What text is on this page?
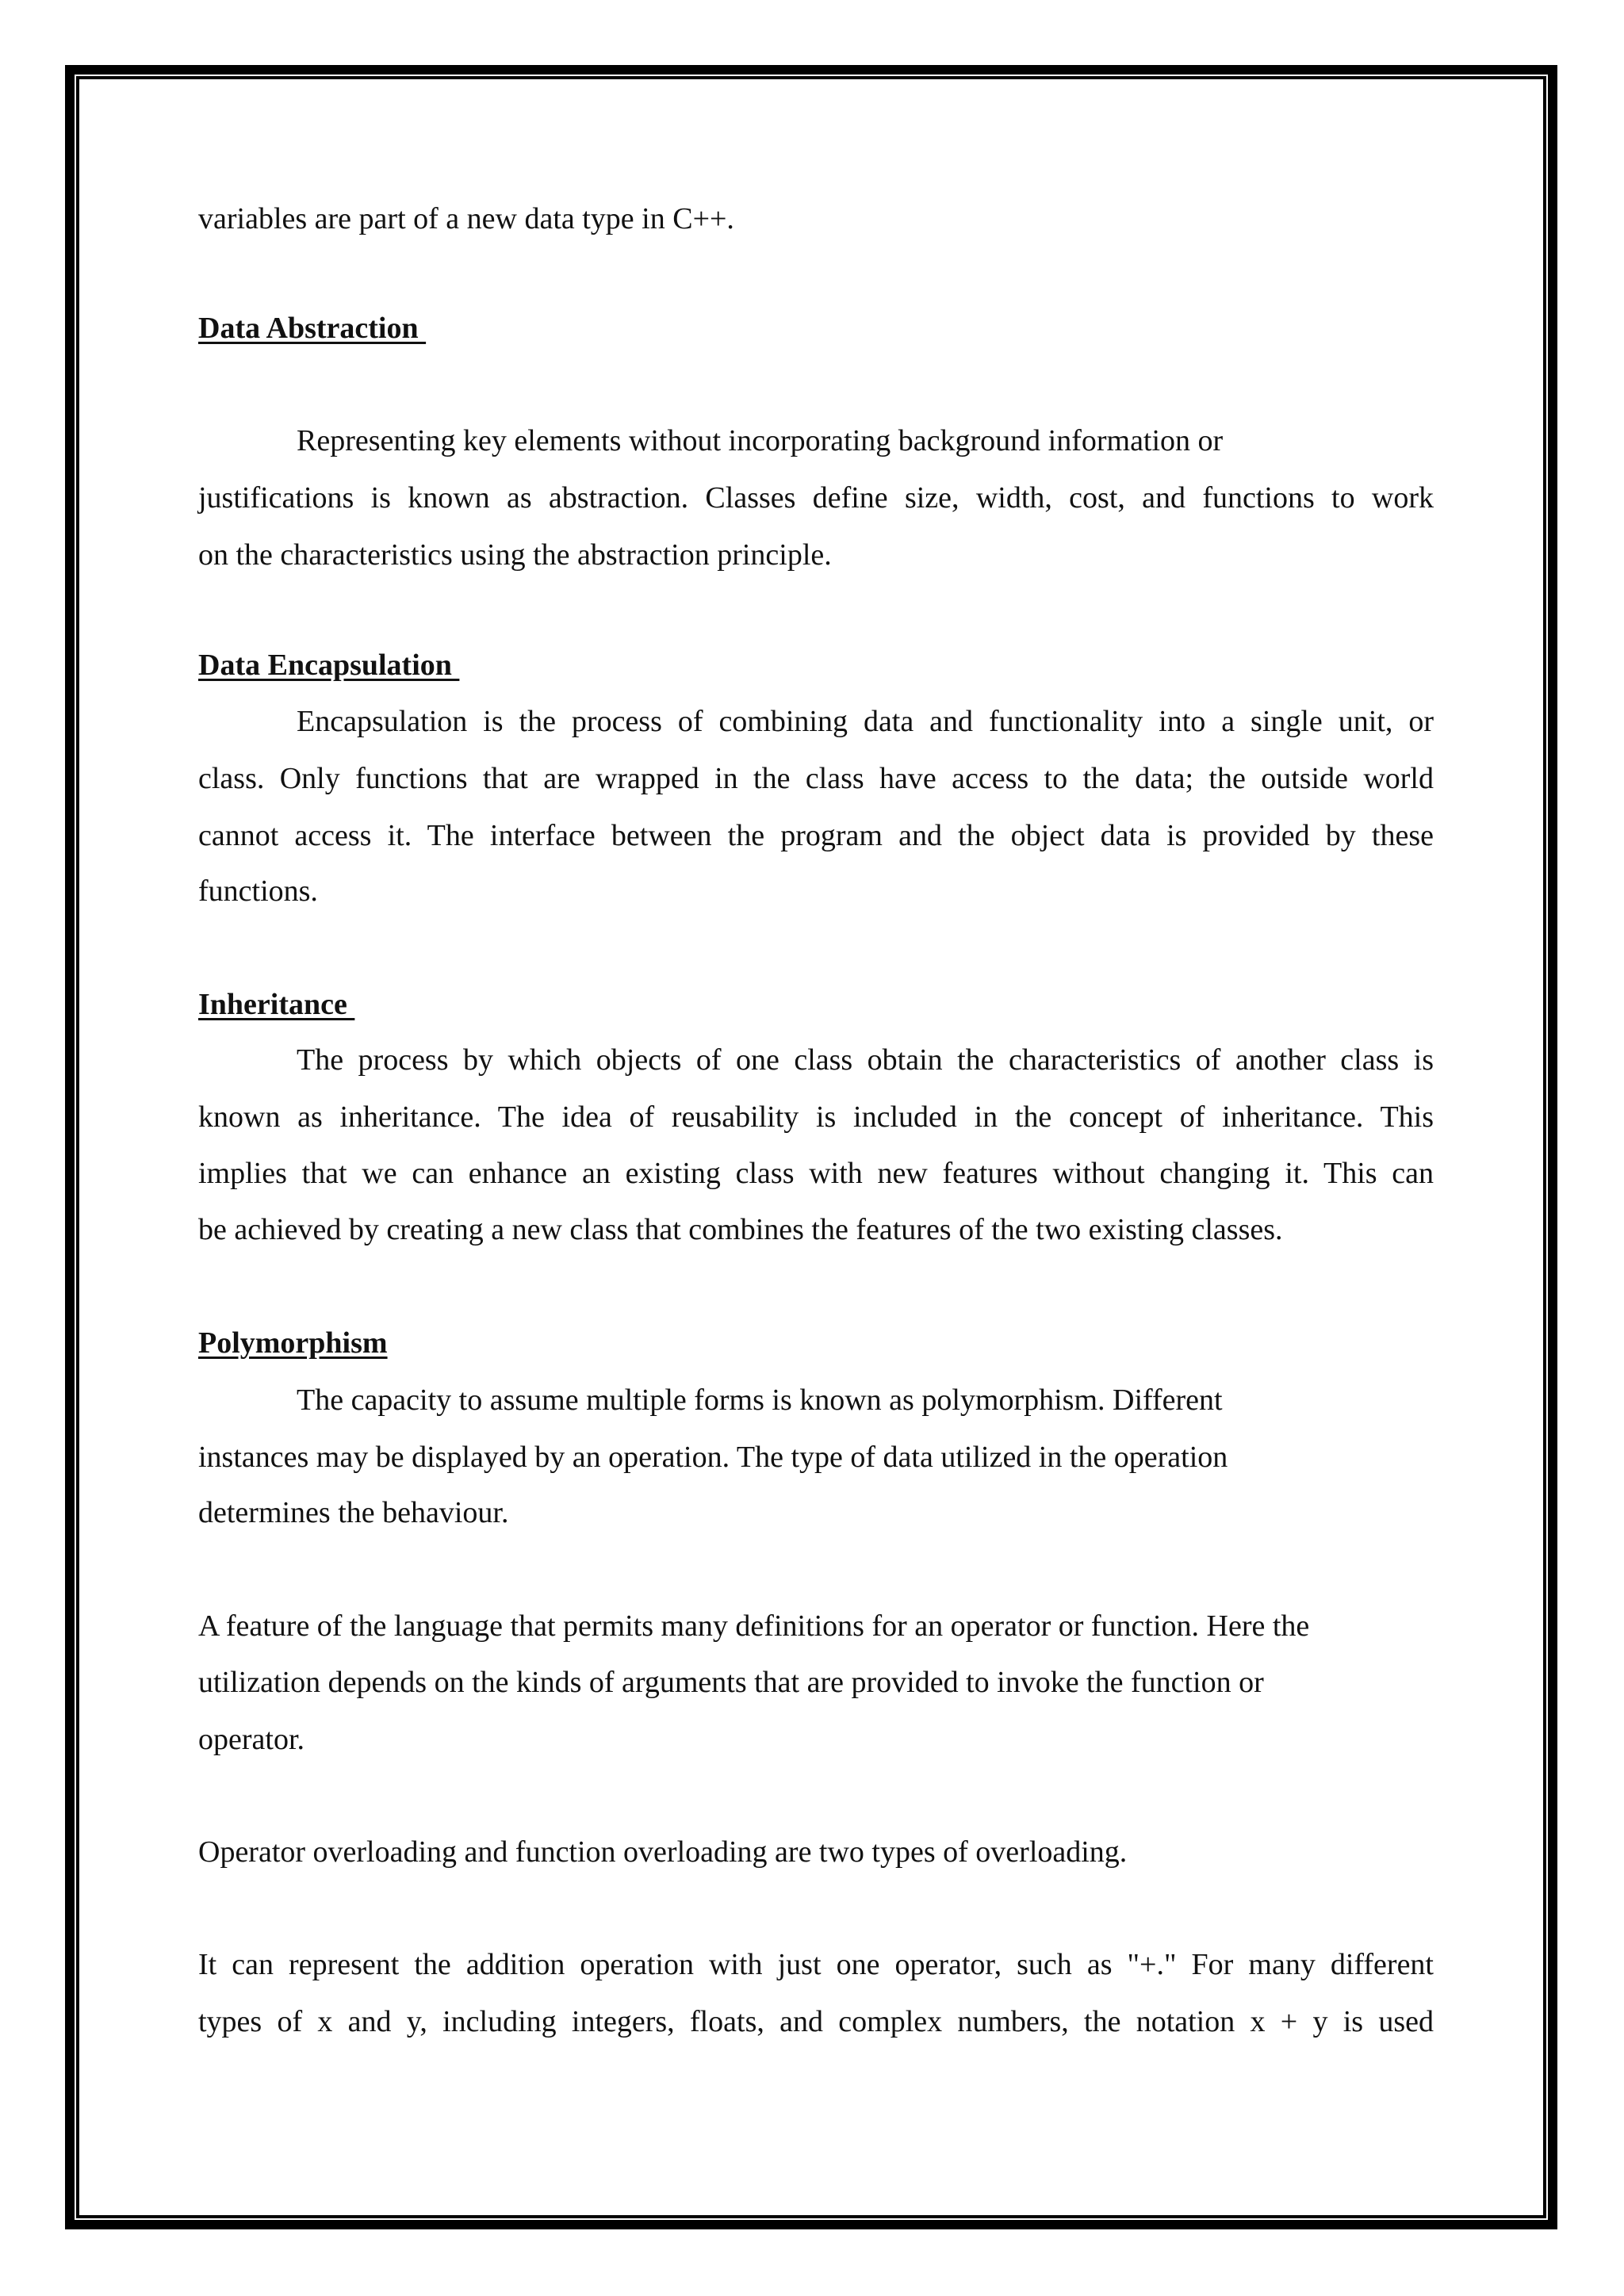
variables are part of a new data type in C++.

Data Abstraction

Representing key elements without incorporating background information or

justifications is known as abstraction. Classes define size, width, cost, and functions to work

on the characteristics using the abstraction principle.

Data Encapsulation

Encapsulation is the process of combining data and functionality into a single unit, or

class. Only functions that are wrapped in the class have access to the data; the outside world

cannot access it. The interface between the program and the object data is provided by these

functions.

Inheritance

The process by which objects of one class obtain the characteristics of another class is

known as inheritance. The idea of reusability is included in the concept of inheritance. This

implies that we can enhance an existing class with new features without changing it. This can

be achieved by creating a new class that combines the features of the two existing classes.

Polymorphism

The capacity to assume multiple forms is known as polymorphism. Different

instances may be displayed by an operation. The type of data utilized in the operation

determines the behaviour.

A feature of the language that permits many definitions for an operator or function. Here the

utilization depends on the kinds of arguments that are provided to invoke the function or

operator.

Operator overloading and function overloading are two types of overloading.

It can represent the addition operation with just one operator, such as "+." For many different

types of x and y, including integers, floats, and complex numbers, the notation x + y is used
